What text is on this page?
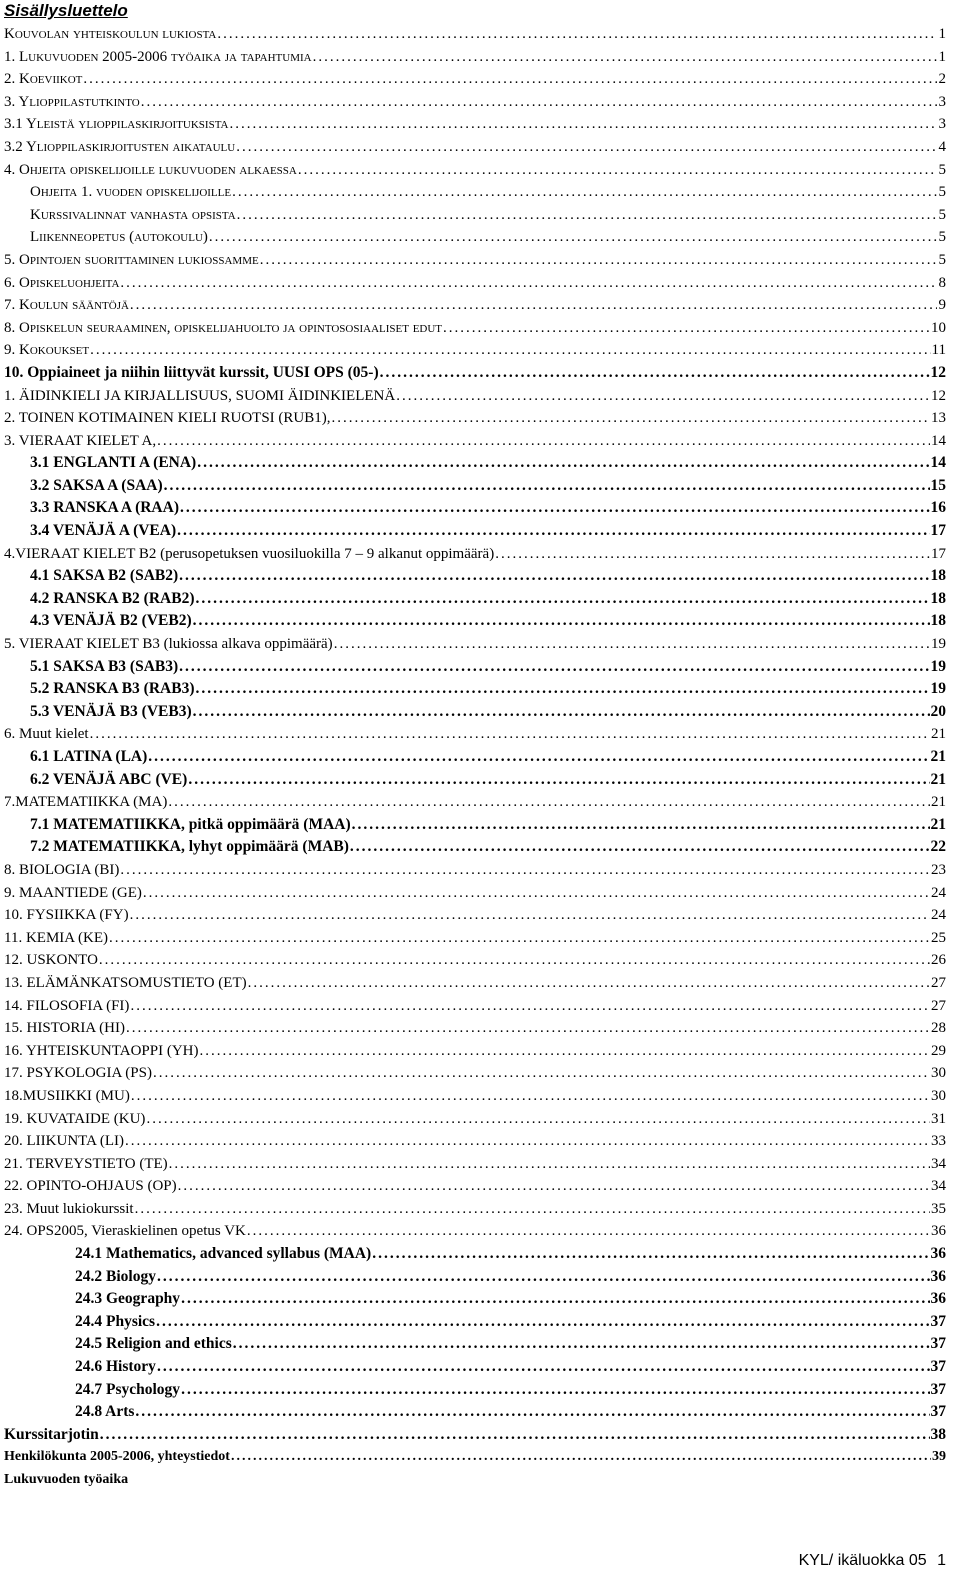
Sisällysluettelo
Kouvolan yhteiskoulun lukiosta .....	1
1. Lukuvuoden 2005-2006 työaika ja tapahtumia .....	1
2. Koeviikot .....	2
3. Ylioppilastutkinto .....	3
3.1 Yleistä ylioppilaskirjoituksista .....	3
3.2 Ylioppilaskirjoitusten aikataulu .....	4
4. Ohjeita opiskelijoille lukuvuoden alkaessa .....	5
Ohjeita 1. vuoden opiskelijoille .....	5
Kurssivalinnat vanhasta opsista .....	5
Liikenneopetus (autokoulu) .....	5
5. Opintojen suorittaminen lukiossamme .....	5
6. Opiskeluohjeita .....	8
7. Koulun sääntöjä .....	9
8. Opiskelun seuraaminen, opiskelijahuolto ja opintososiaaliset edut .....	10
9. Kokoukset .....	11
10. Oppiaineet ja niihin liittyvät kurssit, UUSI OPS (05-) .....	12
1. ÄIDINKIELI JA KIRJALLISUUS, SUOMI ÄIDINKIELENÄ .....	12
2. TOINEN KOTIMAINEN KIELI RUOTSI (RUB1), .....	13
3. VIERAAT KIELET A, .....	14
3.1 ENGLANTI A (ENA) .....	14
3.2 SAKSA A (SAA) .....	15
3.3 RANSKA A (RAA) .....	16
3.4 VENÄJÄ A (VEA) .....	17
4.VIERAAT KIELET B2 (perusopetuksen vuosiluokilla 7 – 9 alkanut oppimäärä) .....	17
4.1 SAKSA B2 (SAB2) .....	18
4.2 RANSKA B2 (RAB2) .....	18
4.3 VENÄJÄ B2 (VEB2) .....	18
5. VIERAAT KIELET B3 (lukiossa alkava oppimäärä) .....	19
5.1 SAKSA B3 (SAB3) .....	19
5.2 RANSKA B3 (RAB3) .....	19
5.3 VENÄJÄ B3 (VEB3) .....	20
6. Muut kielet .....	21
6.1 LATINA (LA) .....	21
6.2 VENÄJÄ ABC (VE) .....	21
7.MATEMATIIKKA (MA) .....	21
7.1 MATEMATIIKKA, pitkä oppimäärä (MAA) .....	21
7.2 MATEMATIIKKA, lyhyt oppimäärä (MAB) .....	22
8. BIOLOGIA (BI) .....	23
9. MAANTIEDE (GE) .....	24
10. FYSIIKKA (FY) .....	24
11. KEMIA (KE) .....	25
12. USKONTO .....	26
13. ELÄMÄNKATSOMUSTIETO (ET) .....	27
14. FILOSOFIA (FI) .....	27
15. HISTORIA (HI) .....	28
16. YHTEISKUNTAOPPI (YH) .....	29
17. PSYKOLOGIA (PS) .....	30
18.MUSIIKKI (MU) .....	30
19. KUVATAIDE (KU) .....	31
20. LIIKUNTA (LI) .....	33
21. TERVEYSTIETO (TE) .....	34
22. OPINTO-OHJAUS (OP) .....	34
23. Muut lukiokurssit .....	35
24. OPS2005, Vieraskielinen opetus VK .....	36
24.1 Mathematics, advanced syllabus (MAA) .....	36
24.2 Biology .....	36
24.3 Geography .....	36
24.4 Physics .....	37
24.5 Religion and ethics .....	37
24.6 History .....	37
24.7 Psychology .....	37
24.8 Arts .....	37
Kurssitarjotin .....	38
Henkilökunta 2005-2006, yhteystiedot .....	39
Lukuvuoden työaika
KYL/ ikäluokka 05 1
